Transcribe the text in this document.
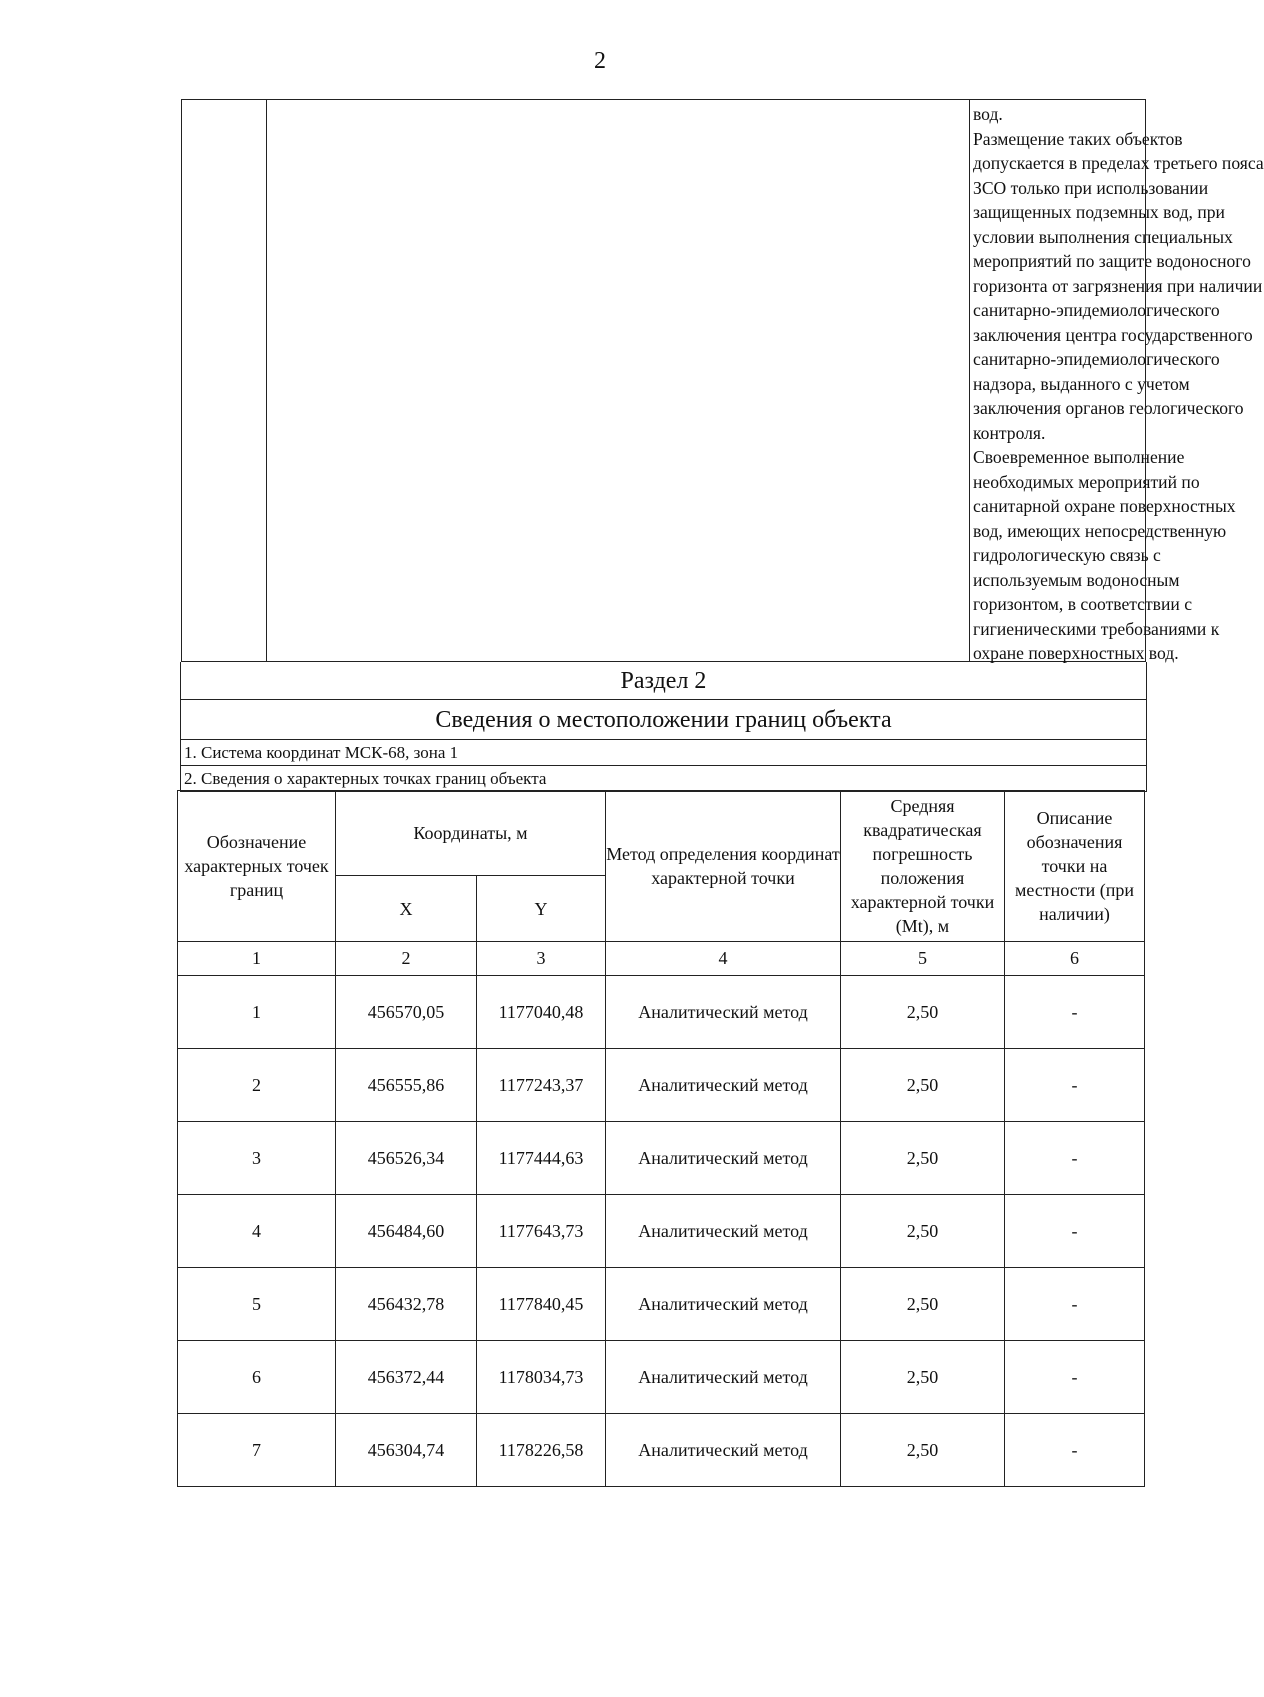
2
вод.
Размещение таких объектов
допускается в пределах третьего пояса
ЗСО только при использовании
защищенных подземных вод, при
условии выполнения специальных
мероприятий по защите водоносного
горизонта от загрязнения при наличии
санитарно-эпидемиологического
заключения центра государственного
санитарно-эпидемиологического
надзора, выданного с учетом
заключения органов геологического
контроля.
Своевременное выполнение
необходимых мероприятий по
санитарной охране поверхностных
вод, имеющих непосредственную
гидрологическую связь с
используемым водоносным
горизонтом, в соответствии с
гигиеническими требованиями к
охране поверхностных вод.
Раздел 2
Сведения о местоположении границ объекта
1. Система координат МСК-68, зона 1
2. Сведения о характерных точках границ объекта
Обозначение характерных точек границ	Координаты, м		Метод определения координат характерной точки	Средняя квадратическая погрешность положения характерной точки (Mt), м	Описание обозначения точки на местности (при наличии)
	X	Y			
1	2	3	4	5	6
1	456570,05	1177040,48	Аналитический метод	2,50	-
2	456555,86	1177243,37	Аналитический метод	2,50	-
3	456526,34	1177444,63	Аналитический метод	2,50	-
4	456484,60	1177643,73	Аналитический метод	2,50	-
5	456432,78	1177840,45	Аналитический метод	2,50	-
6	456372,44	1178034,73	Аналитический метод	2,50	-
7	456304,74	1178226,58	Аналитический метод	2,50	-
